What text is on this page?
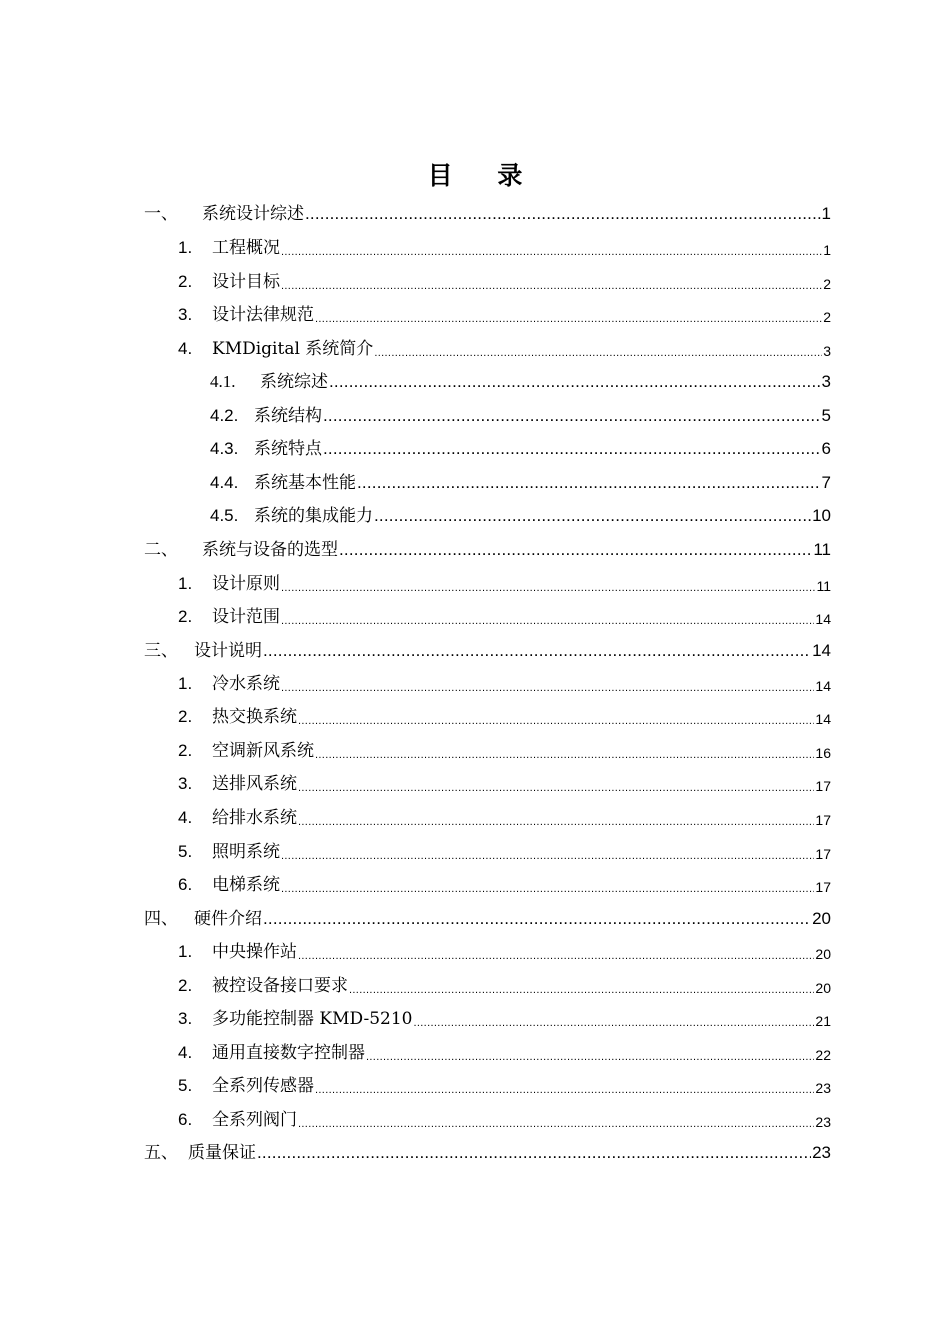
目 录
一、	系统设计综述 .....	1
1.	工程概况 .....	1
2.	设计目标 .....	2
3.	设计法律规范 .....	2
4.	KMDigital 系统简介 .....	3
4.1.	系统综述 .....	3
4.2. 系统结构 .....	5
4.3. 系统特点 .....	6
4.4. 系统基本性能 .....	7
4.5. 系统的集成能力 .....	10
二、	系统与设备的选型 .....	11
1.	设计原则 .....	11
2.	设计范围 .....	14
三、 设计说明 .....	14
1.	冷水系统 .....	14
2.	热交换系统 .....	14
2.	空调新风系统 .....	16
3.	送排风系统 .....	17
4.	给排水系统 .....	17
5.	照明系统 .....	17
6.	电梯系统 .....	17
四、 硬件介绍 .....	20
1.	中央操作站 .....	20
2.	被控设备接口要求 .....	20
3.	多功能控制器 KMD-5210 .....	21
4.	通用直接数字控制器 .....	22
5.	全系列传感器 .....	23
6.	全系列阀门 .....	23
五、 质量保证 .....	23
